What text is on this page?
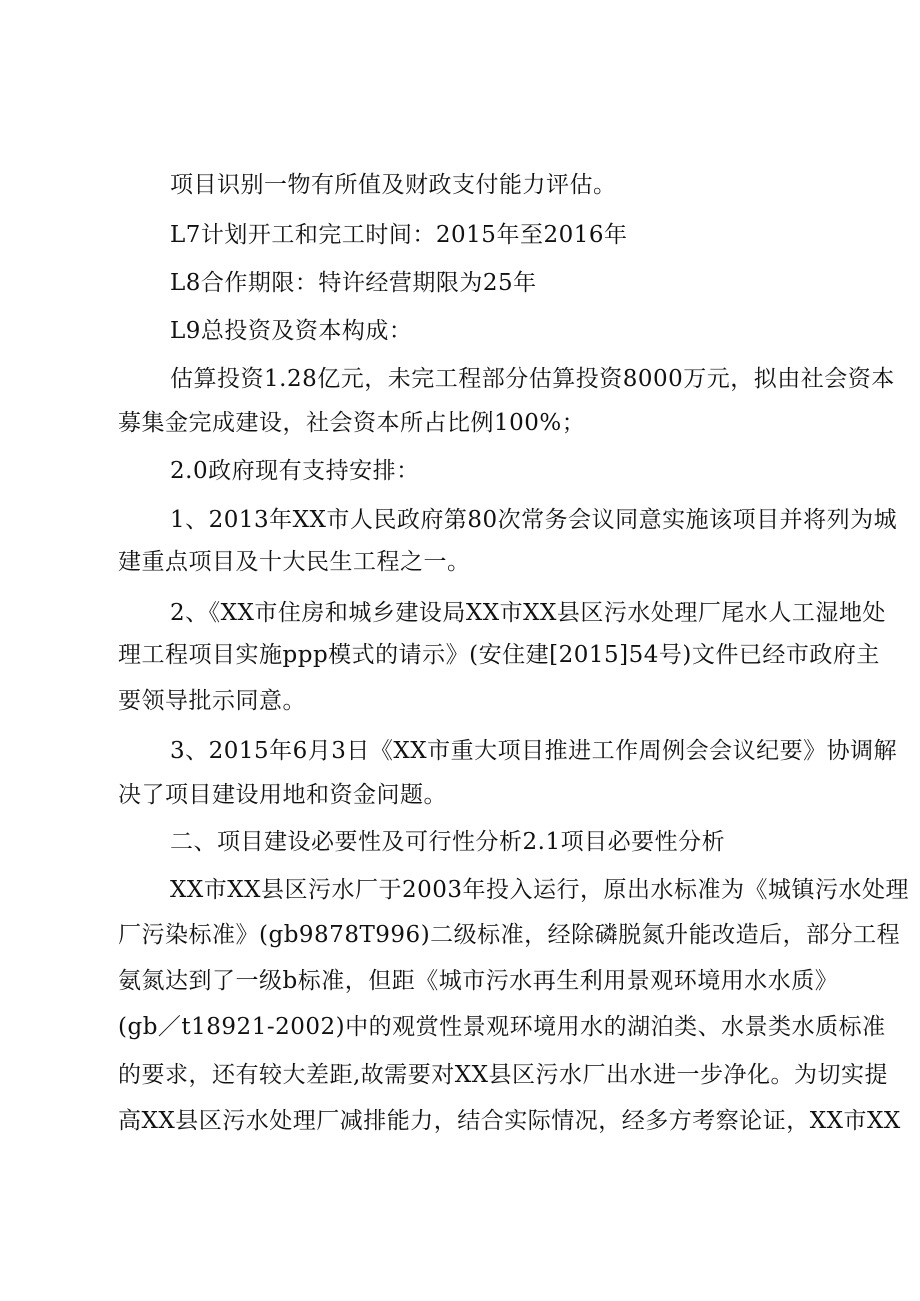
项目识别一物有所值及财政支付能力评估。
L7计划开工和完工时间：2015年至2016年
L8合作期限：特许经营期限为25年
L9总投资及资本构成：
估算投资1.28亿元，未完工程部分估算投资8000万元，拟由社会资本
募集金完成建设，社会资本所占比例100%；
2.0政府现有支持安排：
1、2013年XX市人民政府第80次常务会议同意实施该项目并将列为城
建重点项目及十大民生工程之一。
2、《XX市住房和城乡建设局XX市XX县区污水处理厂尾水人工湿地处
理工程项目实施ppp模式的请示》(安住建[2015]54号)文件已经市政府主
要领导批示同意。
3、2015年6月3日《XX市重大项目推进工作周例会会议纪要》协调解
决了项目建设用地和资金问题。
二、项目建设必要性及可行性分析2.1项目必要性分析
XX市XX县区污水厂于2003年投入运行，原出水标准为《城镇污水处理
厂污染标准》(gb9878T996)二级标准，经除磷脱氮升能改造后，部分工程
氨氮达到了一级b标准，但距《城市污水再生利用景观环境用水水质》
(gb／t18921-2002)中的观赏性景观环境用水的湖泊类、水景类水质标准
的要求，还有较大差距,故需要对XX县区污水厂出水进一步净化。为切实提
高XX县区污水处理厂减排能力，结合实际情况，经多方考察论证，XX市XX
